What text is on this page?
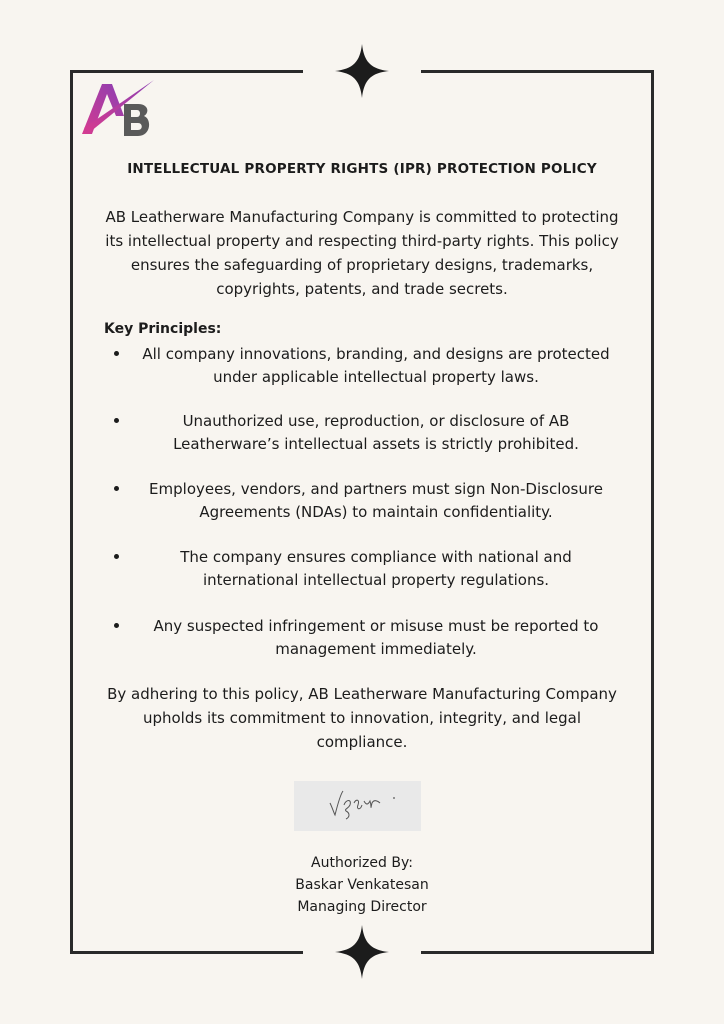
INTELLECTUAL PROPERTY RIGHTS (IPR) PROTECTION POLICY
AB Leatherware Manufacturing Company is committed to protecting its intellectual property and respecting third-party rights. This policy ensures the safeguarding of proprietary designs, trademarks, copyrights, patents, and trade secrets.
Key Principles:
All company innovations, branding, and designs are protected under applicable intellectual property laws.
Unauthorized use, reproduction, or disclosure of AB Leatherware’s intellectual assets is strictly prohibited.
Employees, vendors, and partners must sign Non-Disclosure Agreements (NDAs) to maintain confidentiality.
The company ensures compliance with national and international intellectual property regulations.
Any suspected infringement or misuse must be reported to management immediately.
By adhering to this policy, AB Leatherware Manufacturing Company upholds its commitment to innovation, integrity, and legal compliance.
Authorized By:
Baskar Venkatesan
Managing Director
